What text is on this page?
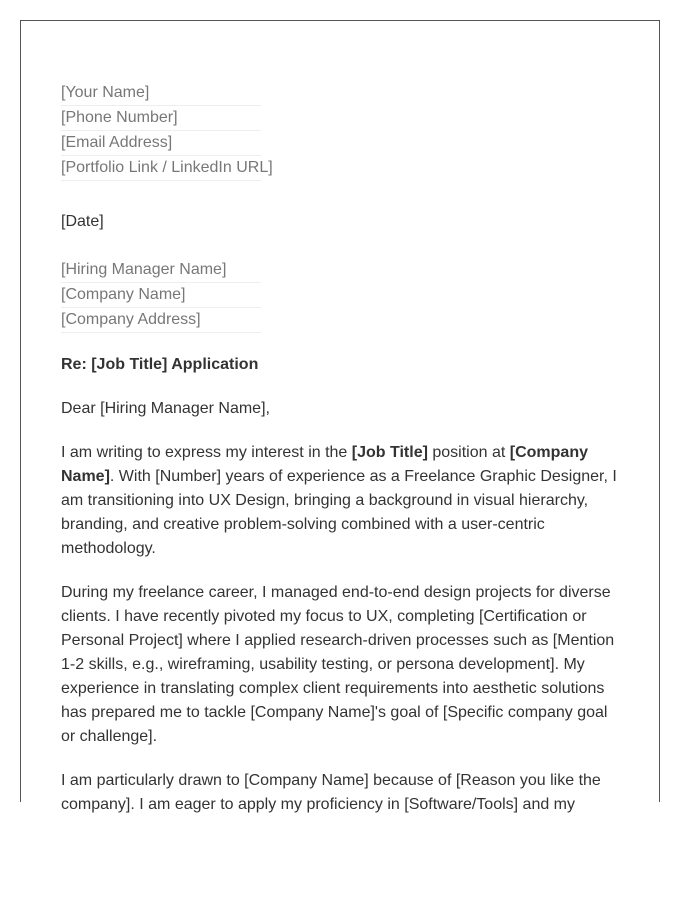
[Your Name]
[Phone Number]
[Email Address]
[Portfolio Link / LinkedIn URL]
[Date]
[Hiring Manager Name]
[Company Name]
[Company Address]
Re: [Job Title] Application
Dear [Hiring Manager Name],

I am writing to express my interest in the [Job Title] position at [Company Name]. With [Number] years of experience as a Freelance Graphic Designer, I am transitioning into UX Design, bringing a background in visual hierarchy, branding, and creative problem-solving combined with a user-centric methodology.

During my freelance career, I managed end-to-end design projects for diverse clients. I have recently pivoted my focus to UX, completing [Certification or Personal Project] where I applied research-driven processes such as [Mention 1-2 skills, e.g., wireframing, usability testing, or persona development]. My experience in translating complex client requirements into aesthetic solutions has prepared me to tackle [Company Name]'s goal of [Specific company goal or challenge].

I am particularly drawn to [Company Name] because of [Reason you like the company]. I am eager to apply my proficiency in [Software/Tools] and my
